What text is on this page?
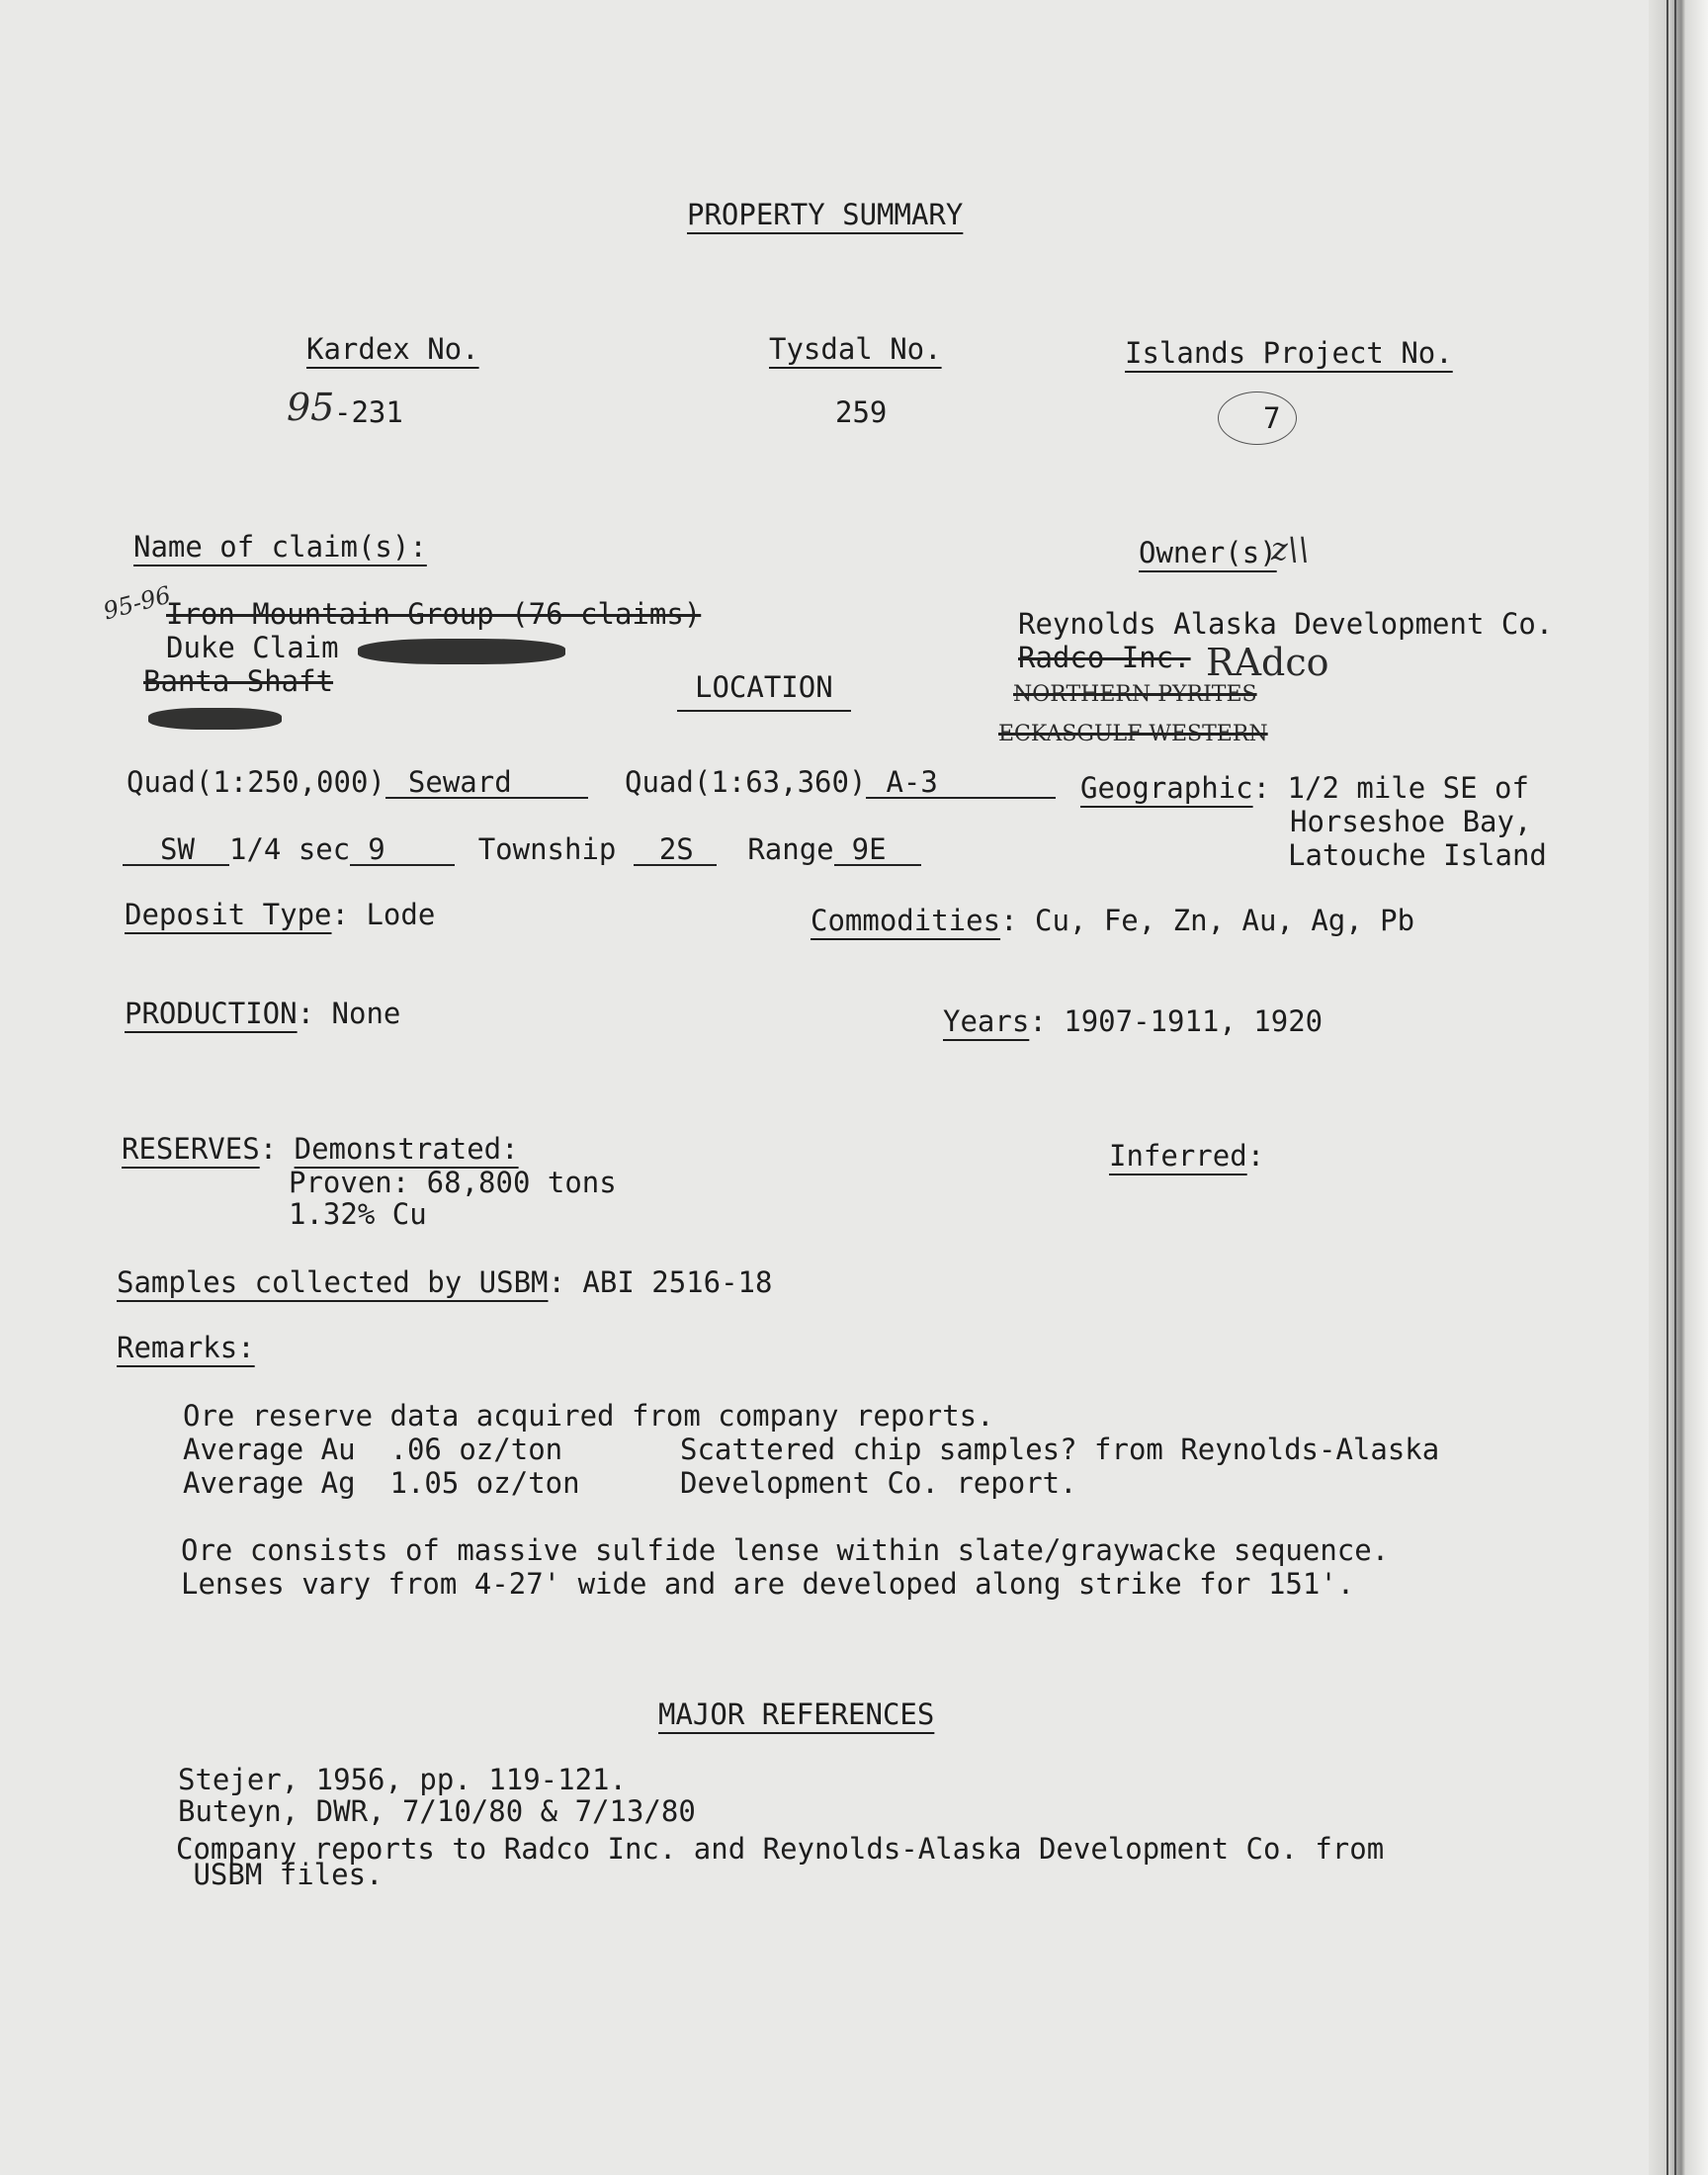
PROPERTY SUMMARY
Kardex No.
95 -231
Tysdal No.
259
Islands Project No.
7
Name of claim(s):
95-96
Iron Mountain Group (76 claims)
Duke Claim
Banta Shaft
Owner(s)
z\\
Reynolds Alaska Development Co.
Radco Inc. RAdco
NORTHERN PYRITES
ECKASGULF WESTERN
LOCATION
Quad(1:250,000) Seward	Quad(1:63,360) A-3	Geographic: 1/2 mile SE of
Horseshoe Bay,
Latouche Island
SW 1/4 sec 9	Township 2S Range 9E
Deposit Type: Lode	Commodities: Cu, Fe, Zn, Au, Ag, Pb
PRODUCTION: None	Years: 1907-1911, 1920
RESERVES: Demonstrated:
Proven: 68,800 tons
1.32% Cu
Inferred:
Samples collected by USBM: ABI 2516-18
Remarks:
Ore reserve data acquired from company reports.
Average Au  .06 oz/ton
Average Ag  1.05 oz/ton
Scattered chip samples? from Reynolds-Alaska
Development Co. report.
Ore consists of massive sulfide lense within slate/graywacke sequence.
Lenses vary from 4-27' wide and are developed along strike for 151'.
MAJOR REFERENCES
Stejer, 1956, pp. 119-121.
Buteyn, DWR, 7/10/80 & 7/13/80
Company reports to Radco Inc. and Reynolds-Alaska Development Co. from
USBM files.
